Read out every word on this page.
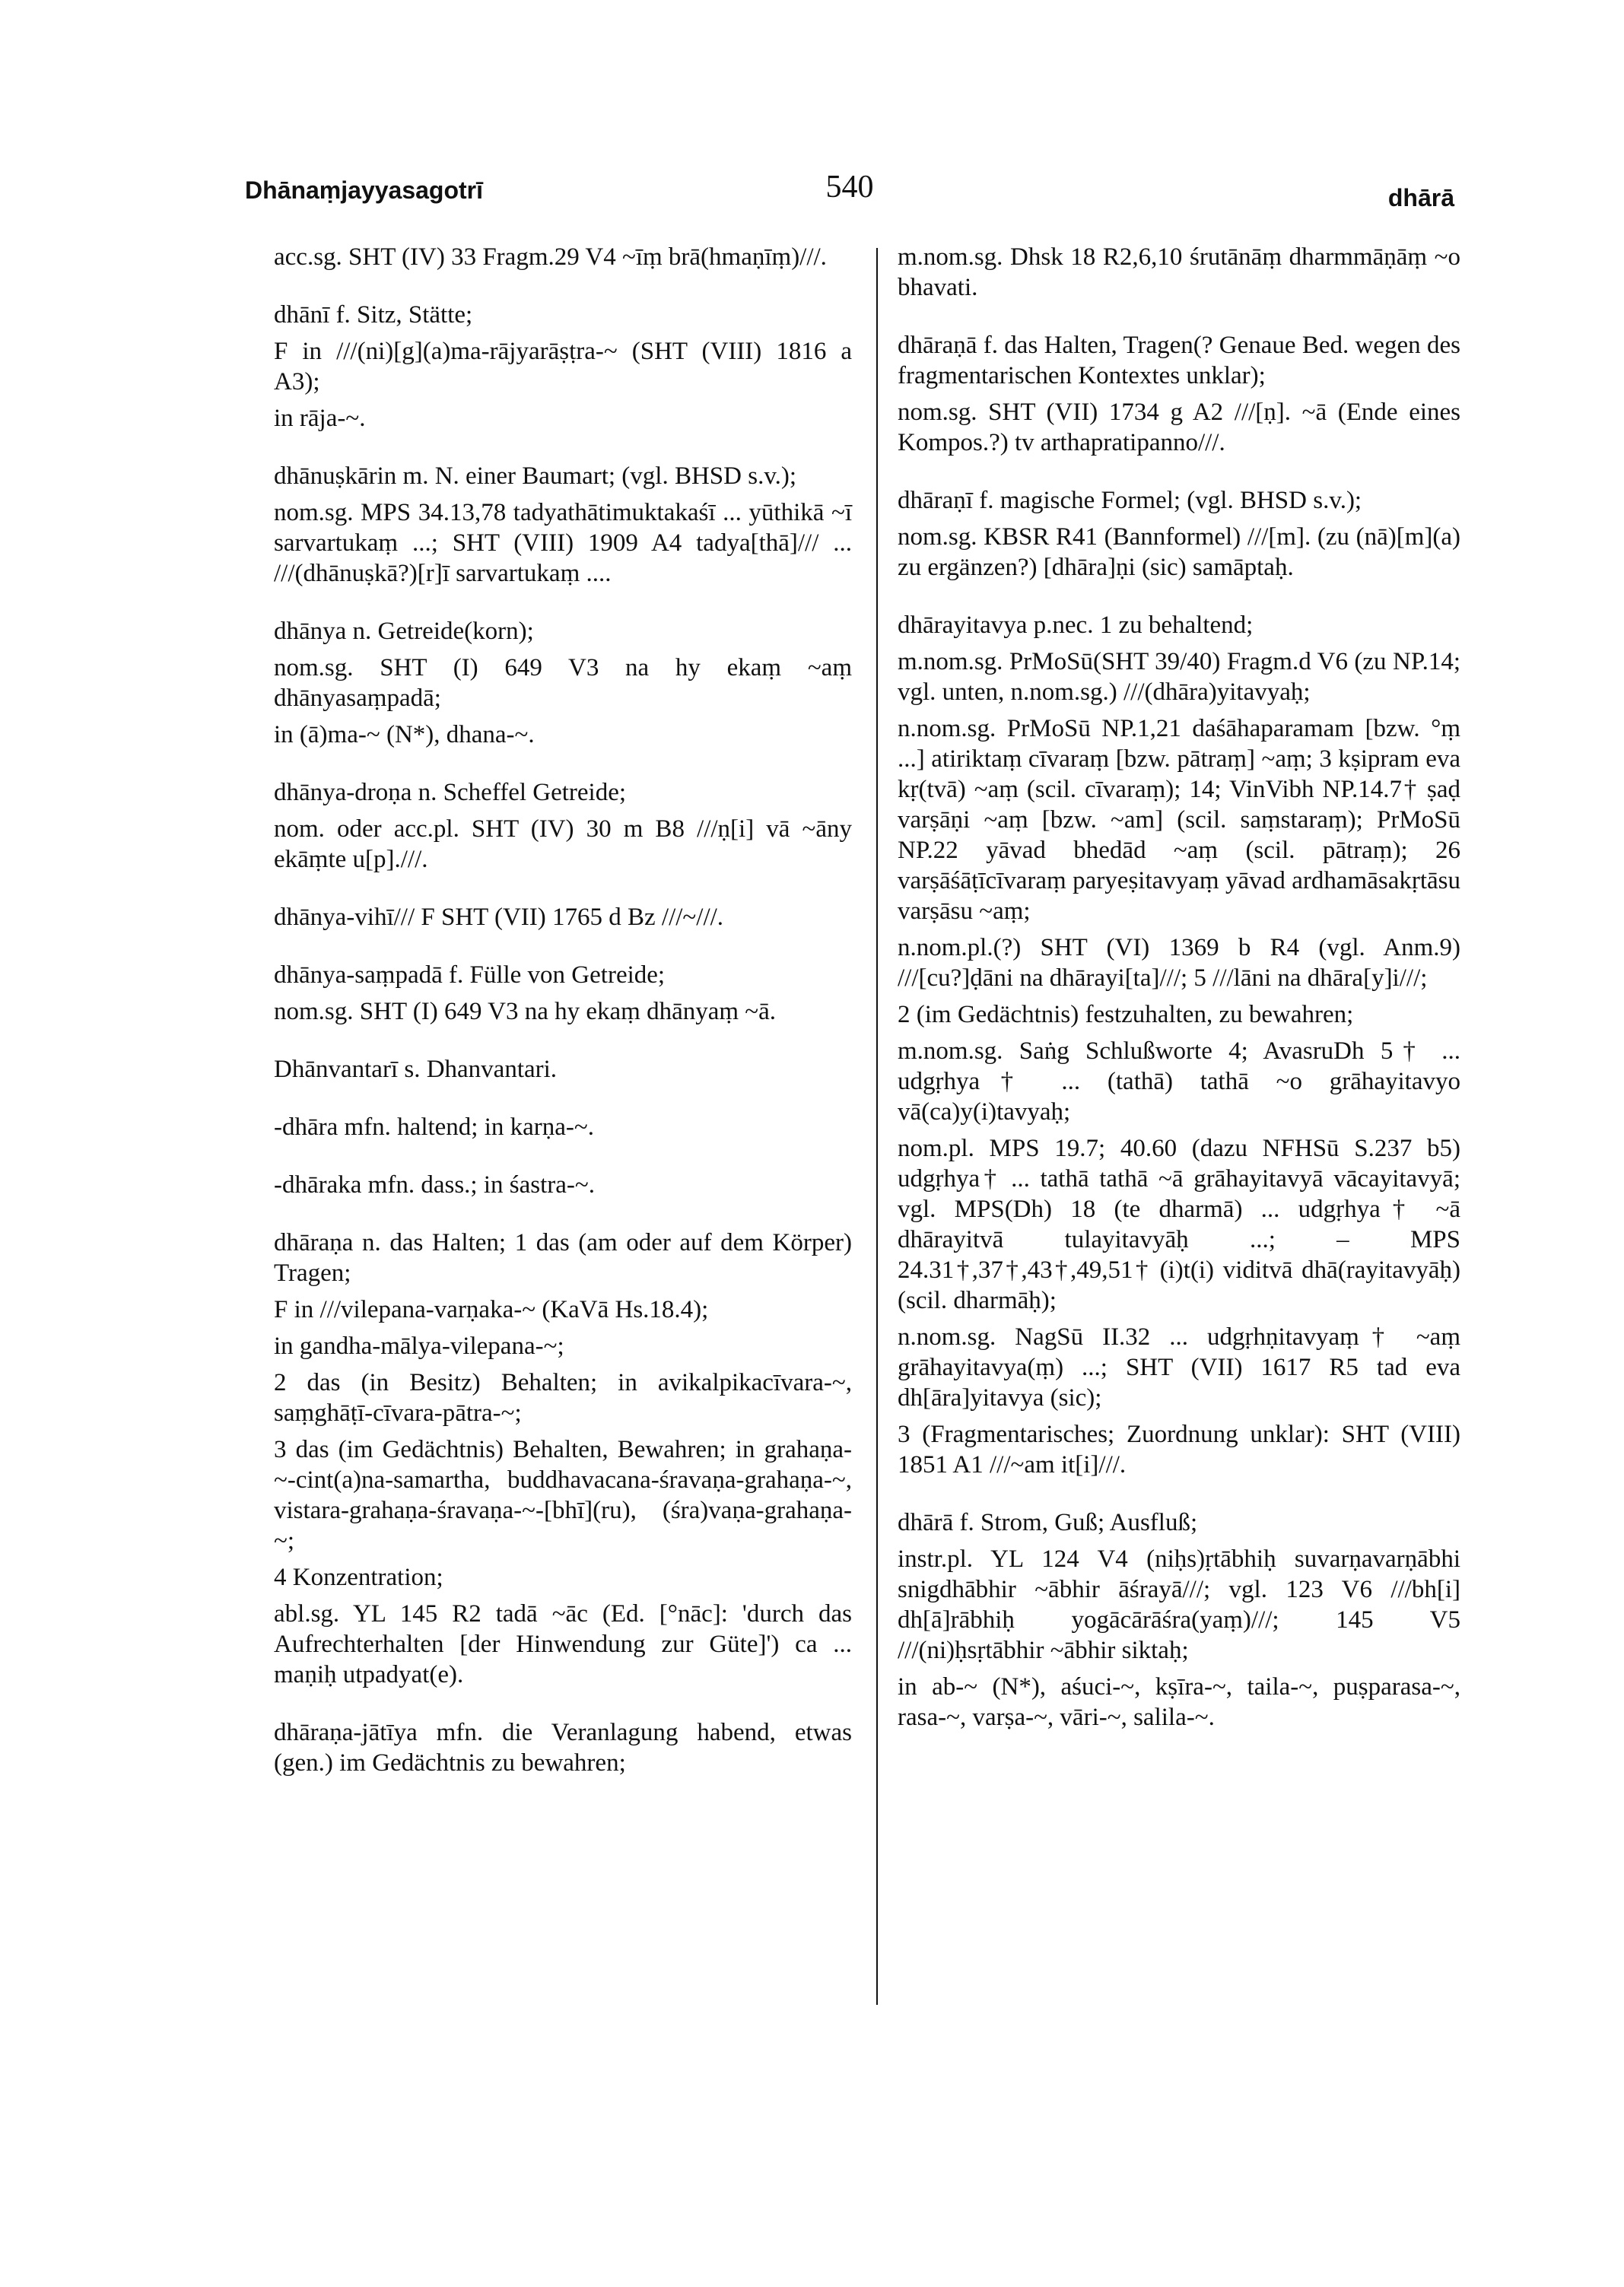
Dhānaṃjayyasagotrī	540	dhārā

acc.sg. SHT (IV) 33 Fragm.29 V4 ~īṃ brā(hmaṇīṃ)///.

dhānī f. Sitz, Stätte;

F in ///(ni)[g](a)ma-rājyarāṣṭra-~ (SHT (VIII) 1816 a A3);

in rāja-~.

dhānuṣkārin m. N. einer Baumart; (vgl. BHSD s.v.);

nom.sg. MPS 34.13,78 tadyathātimuktakaśī ... yūthikā ~ī sarvartukaṃ ...; SHT (VIII) 1909 A4 tadya[thā]/// ... ///(dhānuṣkā?)[r]ī sarvartukaṃ ....

dhānya n. Getreide(korn);

nom.sg. SHT (I) 649 V3 na hy ekaṃ ~aṃ dhānyasaṃpadā;

in (ā)ma-~ (N*), dhana-~.

dhānya-droṇa n. Scheffel Getreide;

nom. oder acc.pl. SHT (IV) 30 m B8 ///ṇ[i] vā ~āny ekāṃte u[p].///.

dhānya-vihī/// F SHT (VII) 1765 d Bz ///~///.

dhānya-saṃpadā f. Fülle von Getreide;

nom.sg. SHT (I) 649 V3 na hy ekaṃ dhānyaṃ ~ā.

Dhānvantarī s. Dhanvantari.

-dhāra mfn. haltend; in karṇa-~.

-dhāraka mfn. dass.; in śastra-~.

dhāraṇa n. das Halten; 1 das (am oder auf dem Körper) Tragen;

F in ///vilepana-varṇaka-~ (KaVā Hs.18.4);

in gandha-mālya-vilepana-~;

2 das (in Besitz) Behalten; in avikalpikacīvara-~, saṃghāṭī-cīvara-pātra-~;

3 das (im Gedächtnis) Behalten, Bewahren; in grahaṇa-~-cint(a)na-samartha, buddhavacana-śravaṇa-grahaṇa-~, vistara-grahaṇa-śravaṇa-~-[bhī](ru), (śra)vaṇa-grahaṇa-~;

4 Konzentration;

abl.sg. YL 145 R2 tadā ~āc (Ed. [°nāc]: 'durch das Aufrechterhalten [der Hinwendung zur Güte]') ca ... maṇiḥ utpadyat(e).

dhāraṇa-jātīya mfn. die Veranlagung habend, etwas (gen.) im Gedächtnis zu bewahren;

m.nom.sg. Dhsk 18 R2,6,10 śrutānāṃ dharmmāṇāṃ ~o bhavati.

dhāraṇā f. das Halten, Tragen(? Genaue Bed. wegen des fragmentarischen Kontextes unklar);

nom.sg. SHT (VII) 1734 g A2 ///[ṇ]. ~ā (Ende eines Kompos.?) tv arthapratipanno///.

dhāraṇī f. magische Formel; (vgl. BHSD s.v.);

nom.sg. KBSR R41 (Bannformel) ///[m]. (zu (nā)[m](a) zu ergänzen?) [dhāra]ṇi (sic) samāptaḥ.

dhārayitavya p.nec. 1 zu behaltend;

m.nom.sg. PrMoSū(SHT 39/40) Fragm.d V6 (zu NP.14; vgl. unten, n.nom.sg.) ///(dhāra)yitavyaḥ;

n.nom.sg. PrMoSū NP.1,21 daśāhaparamam [bzw. °ṃ ...] atiriktaṃ cīvaraṃ [bzw. pātraṃ] ~aṃ; 3 kṣipram eva kṛ(tvā) ~aṃ (scil. cīvaraṃ); 14; VinVibh NP.14.7† ṣaḍ varṣāṇi ~aṃ [bzw. ~am] (scil. saṃstaraṃ); PrMoSū NP.22 yāvad bhedād ~aṃ (scil. pātraṃ); 26 varṣāśāṭīcīvaraṃ paryeṣitavyaṃ yāvad ardhamāsakṛtāsu varṣāsu ~aṃ;

n.nom.pl.(?) SHT (VI) 1369 b R4 (vgl. Anm.9) ///[cu?]ḍāni na dhārayi[ta]///; 5 ///lāni na dhāra[y]i///;

2 (im Gedächtnis) festzuhalten, zu bewahren;

m.nom.sg. Saṅg Schlußworte 4; AvasruDh 5† ... udgṛhya† ... (tathā) tathā ~o grāhayitavyo vā(ca)y(i)tavyaḥ;

nom.pl. MPS 19.7; 40.60 (dazu NFHSū S.237 b5) udgṛhya† ... tathā tathā ~ā grāhayitavyā vācayitavyā; vgl. MPS(Dh) 18 (te dharmā) ... udgṛhya† ~ā dhārayitvā tulayitavyāḥ ...; – MPS 24.31†,37†,43†,49,51† (i)t(i) viditvā dhā(rayitavyāḥ) (scil. dharmāḥ);

n.nom.sg. NagSū II.32 ... udgṛhṇitavyaṃ† ~aṃ grāhayitavya(ṃ) ...; SHT (VII) 1617 R5 tad eva dh[āra]yitavya (sic);

3 (Fragmentarisches; Zuordnung unklar): SHT (VIII) 1851 A1 ///~am it[i]///.

dhārā f. Strom, Guß; Ausfluß;

instr.pl. YL 124 V4 (niḥs)ṛtābhiḥ suvarṇavarṇābhi snigdhābhir ~ābhir āśrayā///; vgl. 123 V6 ///bh[i] dh[ā]rābhiḥ yogācārāśra(yaṃ)///; 145 V5 ///(ni)ḥsṛtābhir ~ābhir siktaḥ;

in ab-~ (N*), aśuci-~, kṣīra-~, taila-~, puṣparasa-~, rasa-~, varṣa-~, vāri-~, salila-~.
